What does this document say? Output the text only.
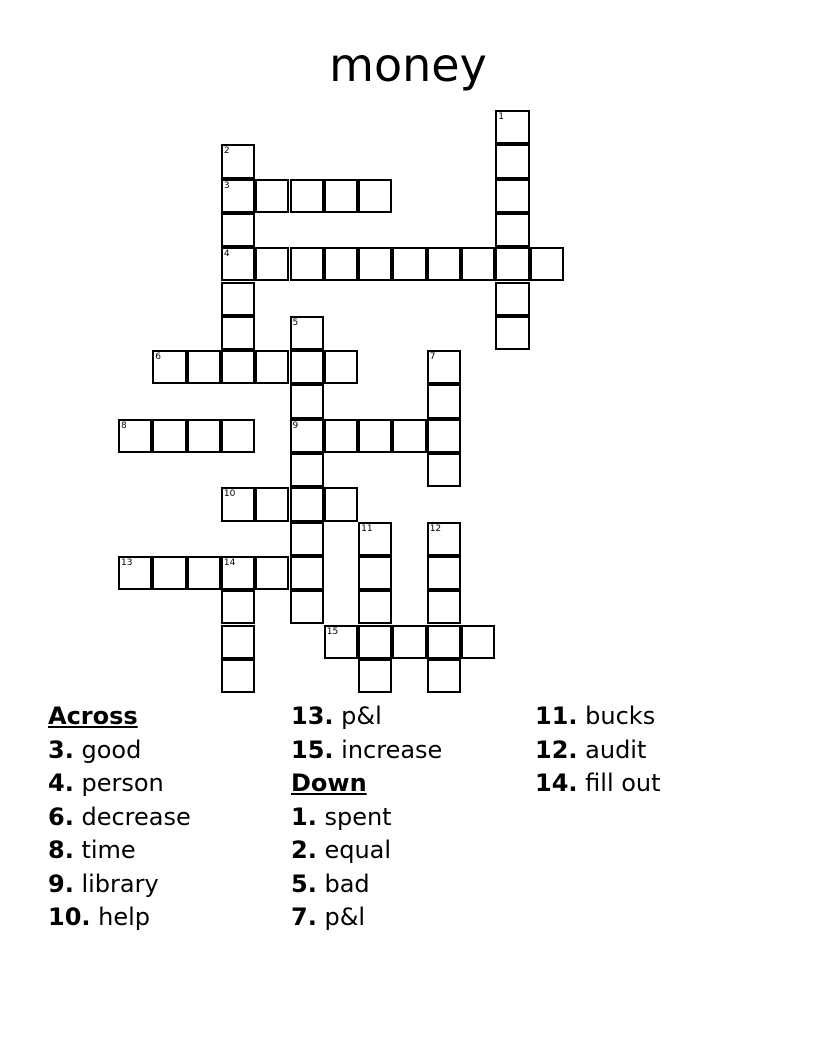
money
1
2
3
4
5
9
6	7
8
10
11	12
13	14
15
Across
3. good
4. person
6. decrease
8. time
9. library
10. help
13. p&l
15. increase
Down
1. spent
2. equal
5. bad
7. p&l
11. bucks
12. audit
14. fill out
